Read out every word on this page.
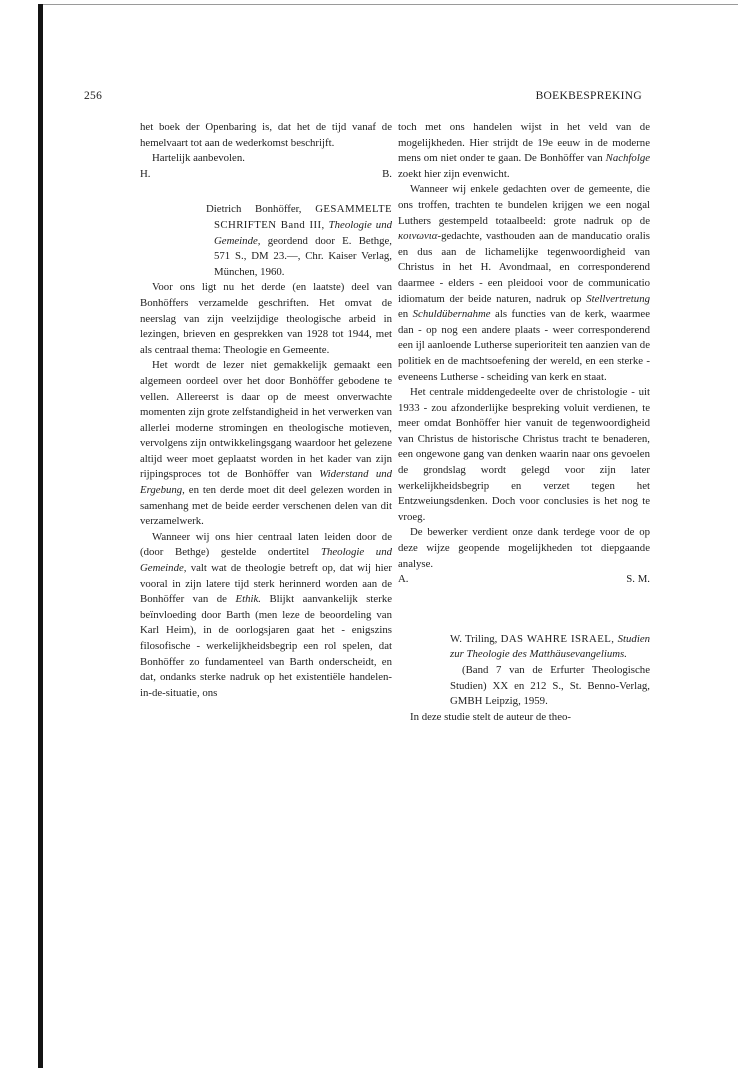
256	BOEKBESPREKING

het boek der Openbaring is, dat het de tijd vanaf de hemelvaart tot aan de wederkomst beschrijft.

Hartelijk aanbevolen.

H.	B.

Dietrich Bonhöffer, GESAMMELTE SCHRIFTEN Band III, Theologie und Gemeinde, geordend door E. Bethge, 571 S., DM 23.—, Chr. Kaiser Verlag, München, 1960.

Voor ons ligt nu het derde (en laatste) deel van Bonhöffers verzamelde geschriften. Het omvat de neerslag van zijn veelzijdige theologische arbeid in lezingen, brieven en gesprekken van 1928 tot 1944, met als centraal thema: Theologie en Gemeente.

Het wordt de lezer niet gemakkelijk gemaakt een algemeen oordeel over het door Bonhöffer gebodene te vellen. Allereerst is daar op de meest onverwachte momenten zijn grote zelfstandigheid in het verwerken van allerlei moderne stromingen en theologische motieven, vervolgens zijn ontwikkelingsgang waardoor het gelezene altijd weer moet geplaatst worden in het kader van zijn rijpingsproces tot de Bonhöffer van Widerstand und Ergebung, en ten derde moet dit deel gelezen worden in samenhang met de beide eerder verschenen delen van dit verzamelwerk.

Wanneer wij ons hier centraal laten leiden door de (door Bethge) gestelde ondertitel Theologie und Gemeinde, valt wat de theologie betreft op, dat wij hier vooral in zijn latere tijd sterk herinnerd worden aan de Bonhöffer van de Ethik. Blijkt aanvankelijk sterke beïnvloeding door Barth (men leze de beoordeling van Karl Heim), in de oorlogsjaren gaat het - enigszins filosofische - werkelijkheidsbegrip een rol spelen, dat Bonhöffer zo fundamenteel van Barth onderscheidt, en dat, ondanks sterke nadruk op het existentiële handelen-in-de-situatie, ons

toch met ons handelen wijst in het veld van de mogelijkheden. Hier strijdt de 19e eeuw in de moderne mens om niet onder te gaan. De Bonhöffer van Nachfolge zoekt hier zijn evenwicht.

Wanneer wij enkele gedachten over de gemeente, die ons troffen, trachten te bundelen krijgen we een nogal Luthers gestempeld totaalbeeld: grote nadruk op de κοινωνια-gedachte, vasthouden aan de manducatio oralis en dus aan de lichamelijke tegenwoordigheid van Christus in het H. Avondmaal, en corresponderend daarmee - elders - een pleidooi voor de communicatio idiomatum der beide naturen, nadruk op Stellvertretung en Schuldübernahme als functies van de kerk, waarmee dan - op nog een andere plaats - weer corresponderend een ijl aanloende Lutherse superioriteit ten aanzien van de politiek en de machtsoefening der wereld, en een sterke - eveneens Lutherse - scheiding van kerk en staat.

Het centrale middengedeelte over de christologie - uit 1933 - zou afzonderlijke bespreking voluit verdienen, te meer omdat Bonhöffer hier vanuit de tegenwoordigheid van Christus de historische Christus tracht te benaderen, een ongewone gang van denken waarin naar ons gevoelen de grondslag wordt gelegd voor zijn later werkelijkheidsbegrip en verzet tegen het Entzweiungsdenken. Doch voor conclusies is het nog te vroeg.

De bewerker verdient onze dank terdege voor de op deze wijze geopende mogelijkheden tot diepgaande analyse.

A.	S. M.

W. Triling, DAS WAHRE ISRAEL, Studien zur Theologie des Matthäusevangeliums.

(Band 7 van de Erfurter Theologische Studien) XX en 212 S., St. Benno-Verlag, GMBH Leipzig, 1959.

In deze studie stelt de auteur de theo-
